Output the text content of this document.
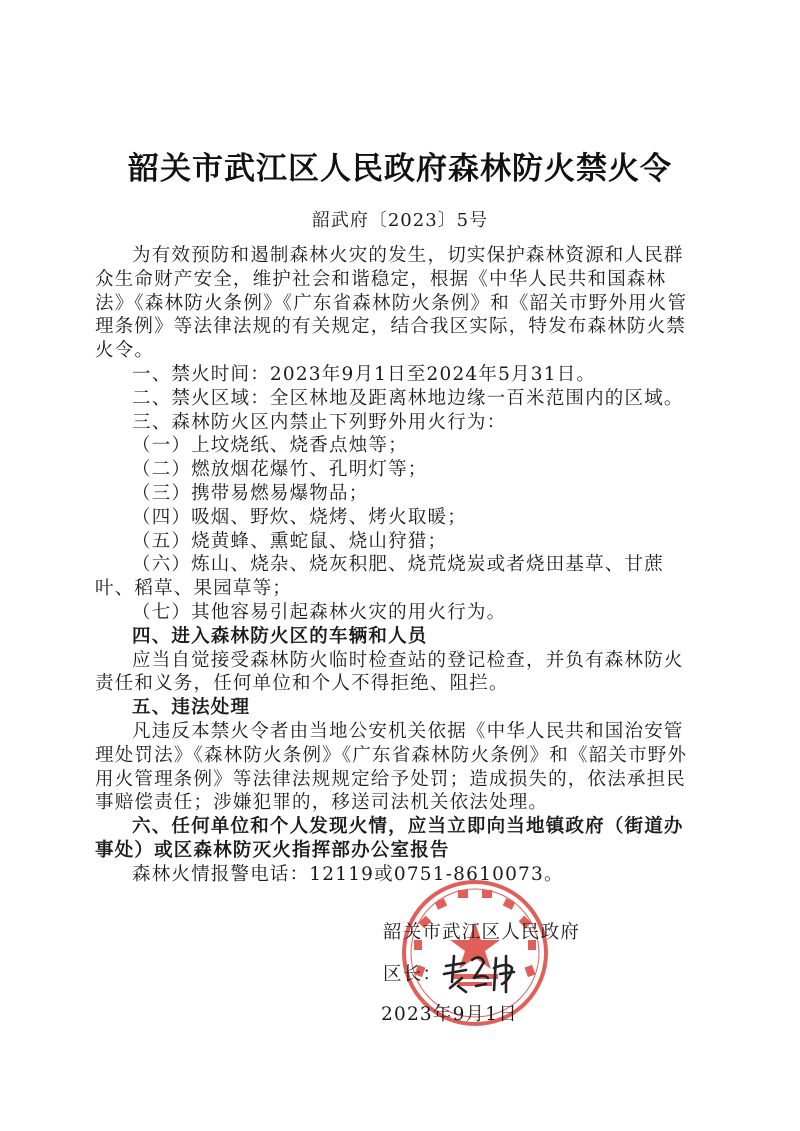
韶关市武江区人民政府森林防火禁火令
韶武府〔2023〕5号

为有效预防和遏制森林火灾的发生，切实保护森林资源和人民群众生命财产安全，维护社会和谐稳定，根据《中华人民共和国森林法》《森林防火条例》《广东省森林防火条例》和《韶关市野外用火管理条例》等法律法规的有关规定，结合我区实际，特发布森林防火禁火令。

一、禁火时间：2023年9月1日至2024年5月31日。

二、禁火区域：全区林地及距离林地边缘一百米范围内的区域。

三、森林防火区内禁止下列野外用火行为：

（一）上坟烧纸、烧香点烛等；

（二）燃放烟花爆竹、孔明灯等；

（三）携带易燃易爆物品；

（四）吸烟、野炊、烧烤、烤火取暖；

（五）烧黄蜂、熏蛇鼠、烧山狩猎；

（六）炼山、烧杂、烧灰积肥、烧荒烧炭或者烧田基草、甘蔗叶、稻草、果园草等；

（七）其他容易引起森林火灾的用火行为。

四、进入森林防火区的车辆和人员

应当自觉接受森林防火临时检查站的登记检查，并负有森林防火责任和义务，任何单位和个人不得拒绝、阻拦。

五、违法处理

凡违反本禁火令者由当地公安机关依据《中华人民共和国治安管理处罚法》《森林防火条例》《广东省森林防火条例》和《韶关市野外用火管理条例》等法律法规规定给予处罚；造成损失的，依法承担民事赔偿责任；涉嫌犯罪的，移送司法机关依法处理。

六、任何单位和个人发现火情，应当立即向当地镇政府（街道办事处）或区森林防灭火指挥部办公室报告

森林火情报警电话：12119或0751-8610073。

韶关市武江区人民政府
区长：
2023年9月1日
